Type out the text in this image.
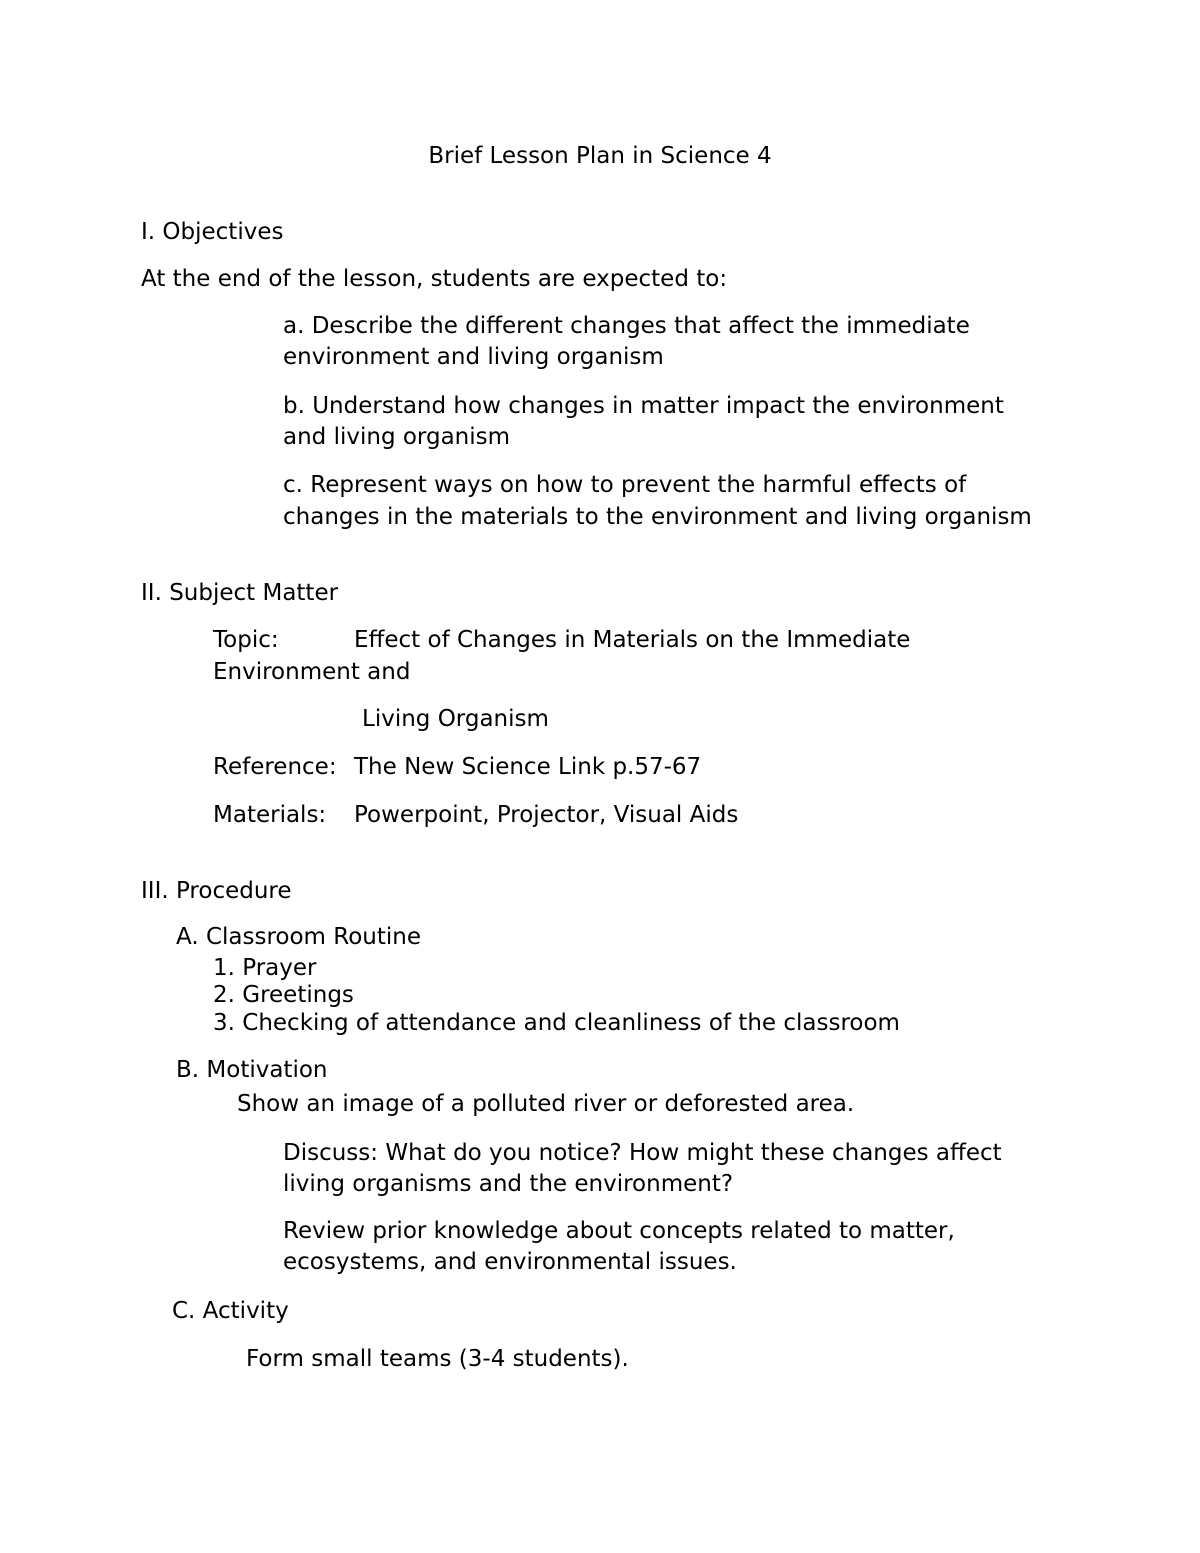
Brief Lesson Plan in Science 4

I. Objectives

At the end of the lesson, students are expected to:

a. Describe the different changes that affect the immediate

environment and living organism

b. Understand how changes in matter impact the environment

and living organism

c. Represent ways on how to prevent the harmful effects of

changes in the materials to the environment and living organism

II. Subject Matter

Topic:	Effect of Changes in Materials on the Immediate

Environment and

Living Organism

Reference: The New Science Link p.57-67

Materials: Powerpoint, Projector, Visual Aids

III. Procedure

A. Classroom Routine

1. Prayer

2. Greetings

3. Checking of attendance and cleanliness of the classroom

B. Motivation

Show an image of a polluted river or deforested area.

Discuss: What do you notice? How might these changes affect

living organisms and the environment?

Review prior knowledge about concepts related to matter,

ecosystems, and environmental issues.

C. Activity

Form small teams (3-4 students).
